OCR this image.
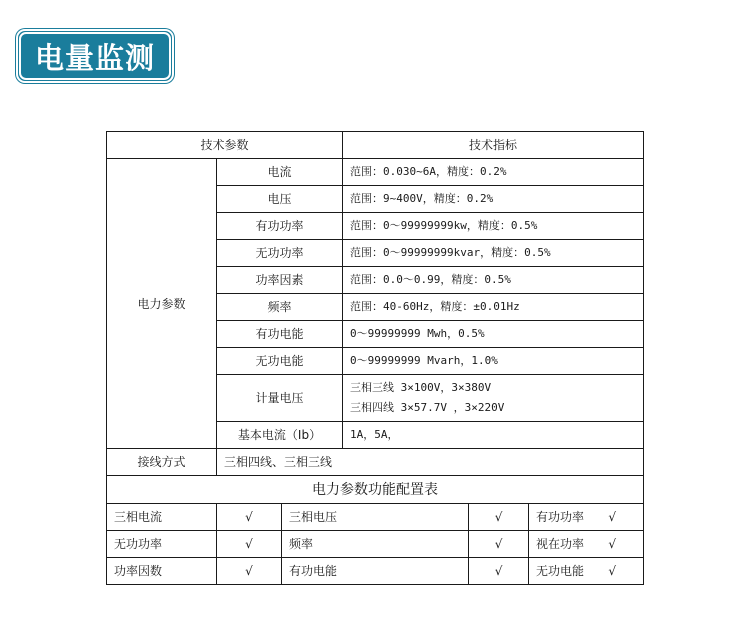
电量监测
技术参数			技术指标		
电力参数	电流		范围：0.030~6A，精度：0.2%		
	电压		范围：9~400V，精度：0.2%		
	有功功率		范围：0～99999999kw，精度：0.5%		
	无功功率		范围：0～99999999kvar，精度：0.5%		
	功率因素		范围：0.0～0.99，精度：0.5%		
	频率		范围：40-60Hz，精度：±0.01Hz		
	有功电能		0～99999999 Mwh，0.5%		
	无功电能		0～99999999 Mvarh，1.0%		
	计量电压		三相三线 3×100V，3×380V
三相四线 3×57.7V ，3×220V		

	基本电流（Ib）		1A，5A，		
接线方式	三相四线、三相三线				
电力参数功能配置表					
三相电流	√	三相电压		√	有功功率 √

无功功率	√	频率		√	视在功率 √

功率因数	√	有功电能		√	无功电能 √
